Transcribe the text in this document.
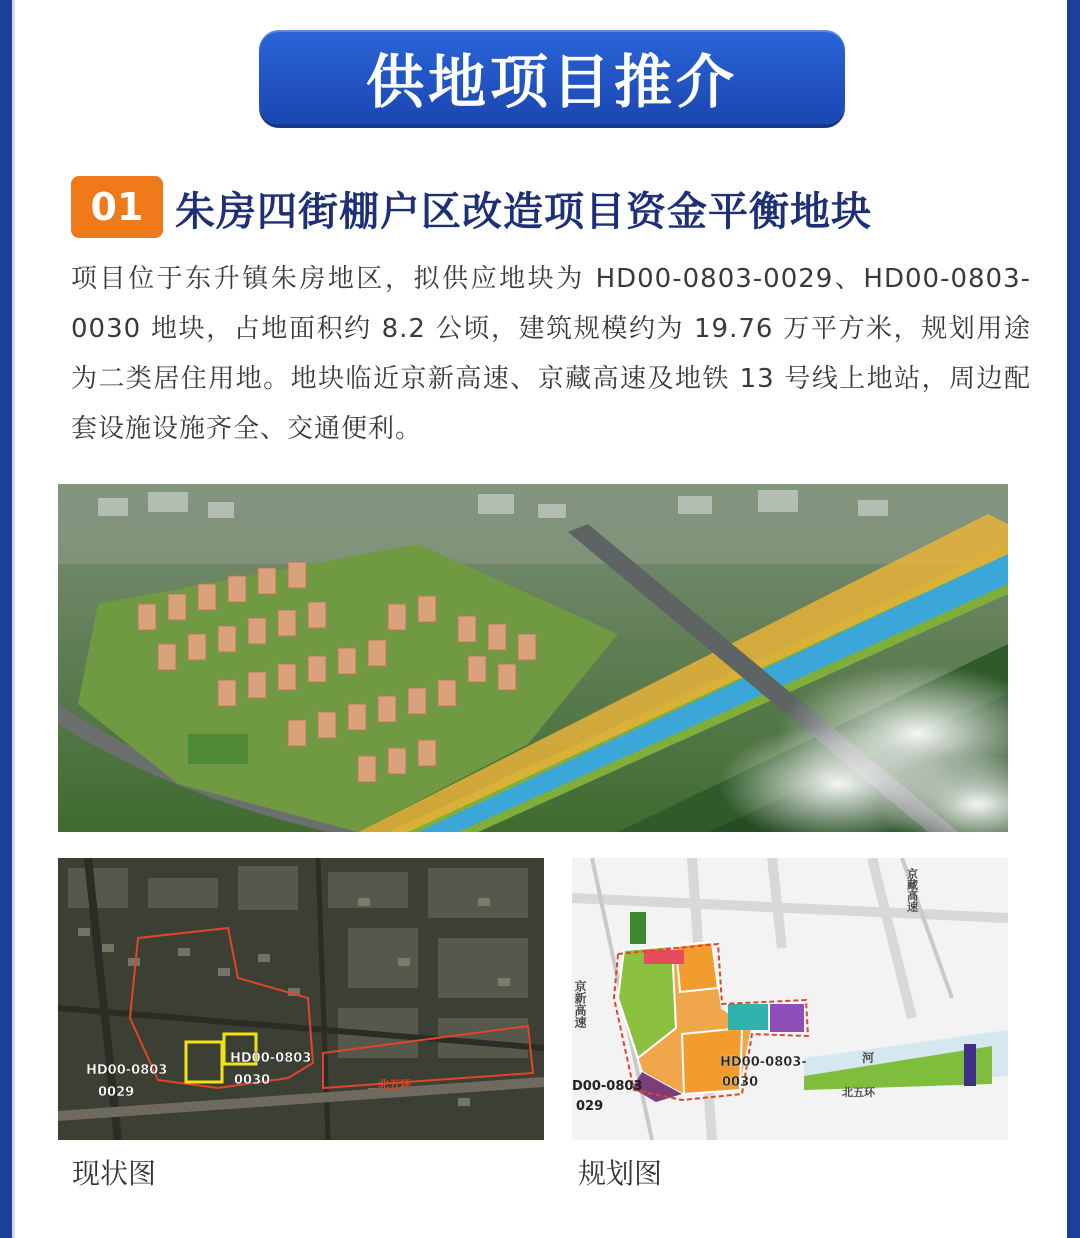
供地项目推介
01 朱房四街棚户区改造项目资金平衡地块
项目位于东升镇朱房地区，拟供应地块为 HD00-0803-0029、HD00-0803-0030 地块，占地面积约 8.2 公顷，建筑规模约为 19.76 万平方米，规划用途为二类居住用地。地块临近京新高速、京藏高速及地铁 13 号线上地站，周边配套设施设施齐全、交通便利。
HD00-0803
0029
HD00-0803
0030	北五环
河
北五环
京新高速
京藏高速
D00-0803
029
HD00-0803-
0030
现状图	规划图
